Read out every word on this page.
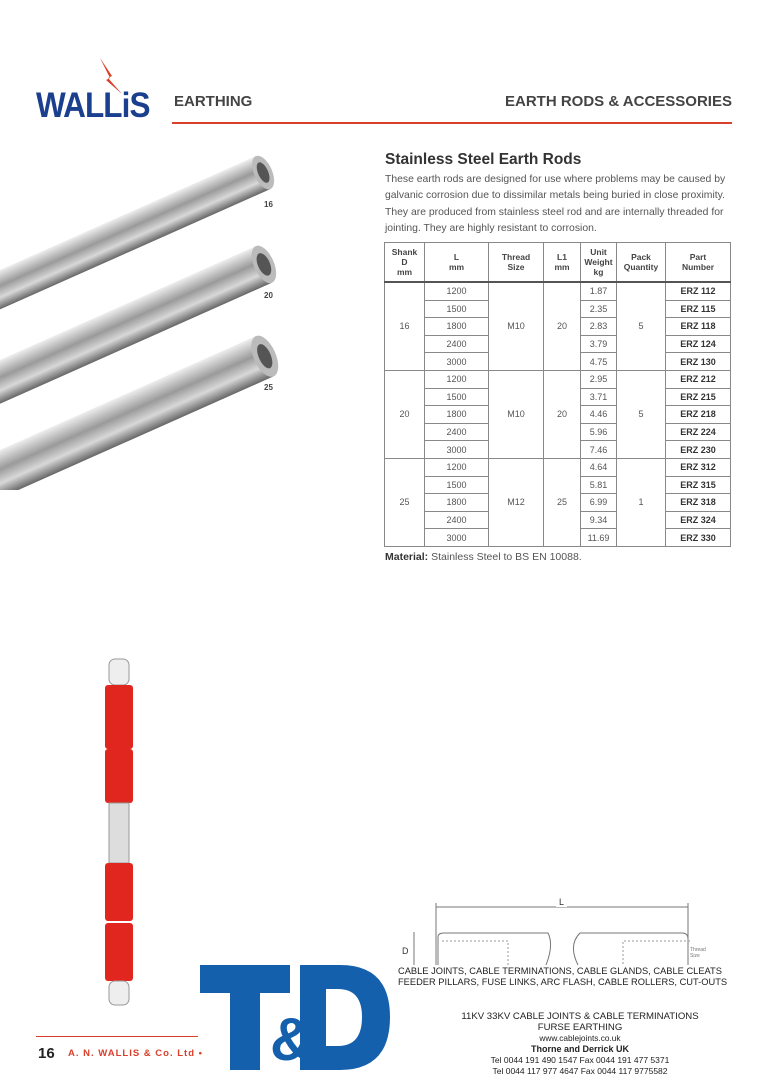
WALLiS EARTHING	EARTH RODS & ACCESSORIES
16
20
25
Stainless Steel Earth Rods
These earth rods are designed for use where problems may be caused by galvanic corrosion due to dissimilar metals being buried in close proximity. They are produced from stainless steel rod and are internally threaded for jointing. They are highly resistant to corrosion.
Shank
D
mm	L
mm	Thread
Size	L1
mm	Unit
Weight
kg	Pack
Quantity	Part
Number
16	1200	M10	20	1.87	5	ERZ 112
	1500			2.35		ERZ 115
	1800			2.83		ERZ 118
	2400			3.79		ERZ 124
	3000			4.75		ERZ 130
20	1200	M10	20	2.95	5	ERZ 212
	1500			3.71		ERZ 215
	1800			4.46		ERZ 218
	2400			5.96		ERZ 224
	3000			7.46		ERZ 230
25	1200	M12	25	4.64	1	ERZ 312
	1500			5.81		ERZ 315
	1800			6.99		ERZ 318
	2400			9.34		ERZ 324
	3000			11.69		ERZ 330
Material: Stainless Steel to BS EN 10088.
L
D	Thread Size
&
CABLE JOINTS, CABLE TERMINATIONS, CABLE GLANDS, CABLE CLEATS
FEEDER PILLARS, FUSE LINKS, ARC FLASH, CABLE ROLLERS, CUT-OUTS
11KV 33KV CABLE JOINTS & CABLE TERMINATIONS
FURSE EARTHING
www.cablejoints.co.uk
Thorne and Derrick UK
Tel 0044 191 490 1547 Fax 0044 191 477 5371
Tel 0044 117 977 4647 Fax 0044 117 9775582
16 A. N. WALLIS & Co. Ltd •
